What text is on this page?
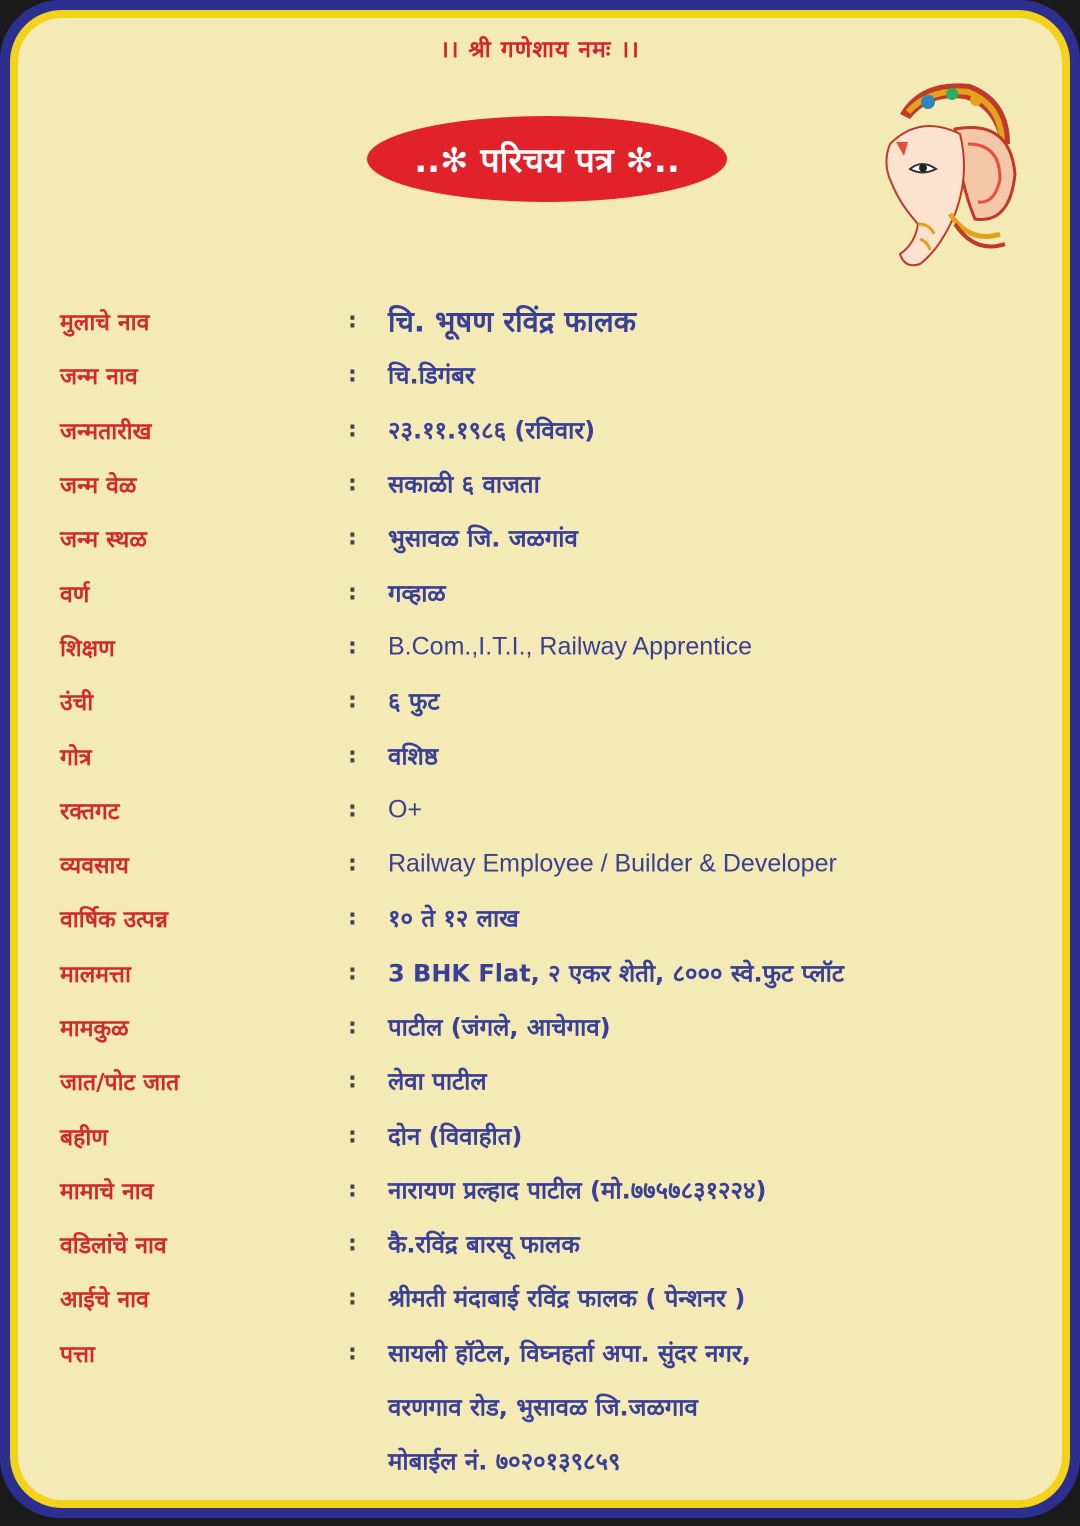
।। श्री गणेशाय नमः ।।
..✻ परिचय पत्र ✻..
मुलाचे नाव	: चि. भूषण रविंद्र फालक
जन्म नाव	: चि.डिगंबर
जन्मतारीख	: २३.११.१९८६ (रविवार)
जन्म वेळ	: सकाळी ६ वाजता
जन्म स्थळ	: भुसावळ जि. जळगांव
वर्ण	: गव्हाळ
शिक्षण	: B.Com.,I.T.I., Railway Apprentice
उंची	: ६ फुट
गोत्र	: वशिष्ठ
रक्तगट	: O+
व्यवसाय	: Railway Employee / Builder & Developer
वार्षिक उत्पन्न	: १० ते १२ लाख
मालमत्ता	: 3 BHK Flat, २ एकर शेती, ८००० स्वे.फुट प्लॉट
मामकुळ	: पाटील (जंगले, आचेगाव)
जात/पोट जात	: लेवा पाटील
बहीण	: दोन (विवाहीत)
मामाचे नाव	: नारायण प्रल्हाद पाटील (मो.७७५७८३१२२४)
वडिलांचे नाव	: कै.रविंद्र बारसू फालक
आईचे नाव	: श्रीमती मंदाबाई रविंद्र फालक ( पेन्शनर )
पत्ता	: सायली हॉटेल, विघ्नहर्ता अपा. सुंदर नगर,
वरणगाव रोड, भुसावळ जि.जळगाव
मोबाईल नं. ७०२०१३९८५९
